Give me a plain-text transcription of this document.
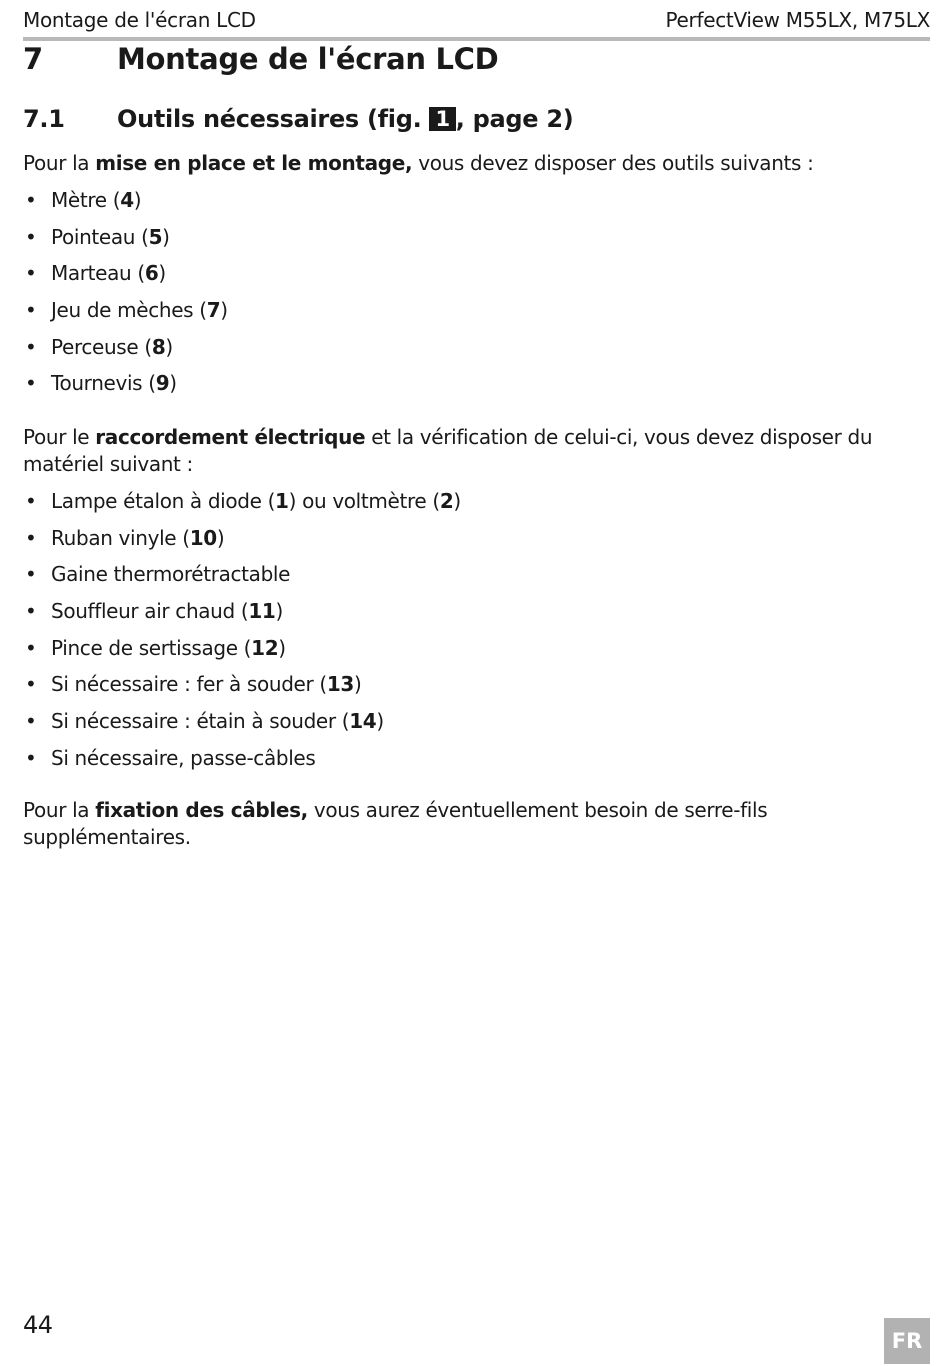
Montage de l'écran LCD	PerfectView M55LX, M75LX
7	Montage de l'écran LCD
7.1 Outils nécessaires (fig. 1 , page 2)

Pour la mise en place et le montage, vous devez disposer des outils suivants :

• Mètre (4)
• Pointeau (5)
• Marteau (6)
• Jeu de mèches (7)
• Perceuse (8)
• Tournevis (9)

Pour le raccordement électrique et la vérification de celui-ci, vous devez disposer du matériel suivant :

• Lampe étalon à diode (1) ou voltmètre (2)
• Ruban vinyle (10)
• Gaine thermorétractable
• Souffleur air chaud (11)
• Pince de sertissage (12)
• Si nécessaire : fer à souder (13)
• Si nécessaire : étain à souder (14)
• Si nécessaire, passe-câbles

Pour la fixation des câbles, vous aurez éventuellement besoin de serre-fils supplémentaires.

44
FR
